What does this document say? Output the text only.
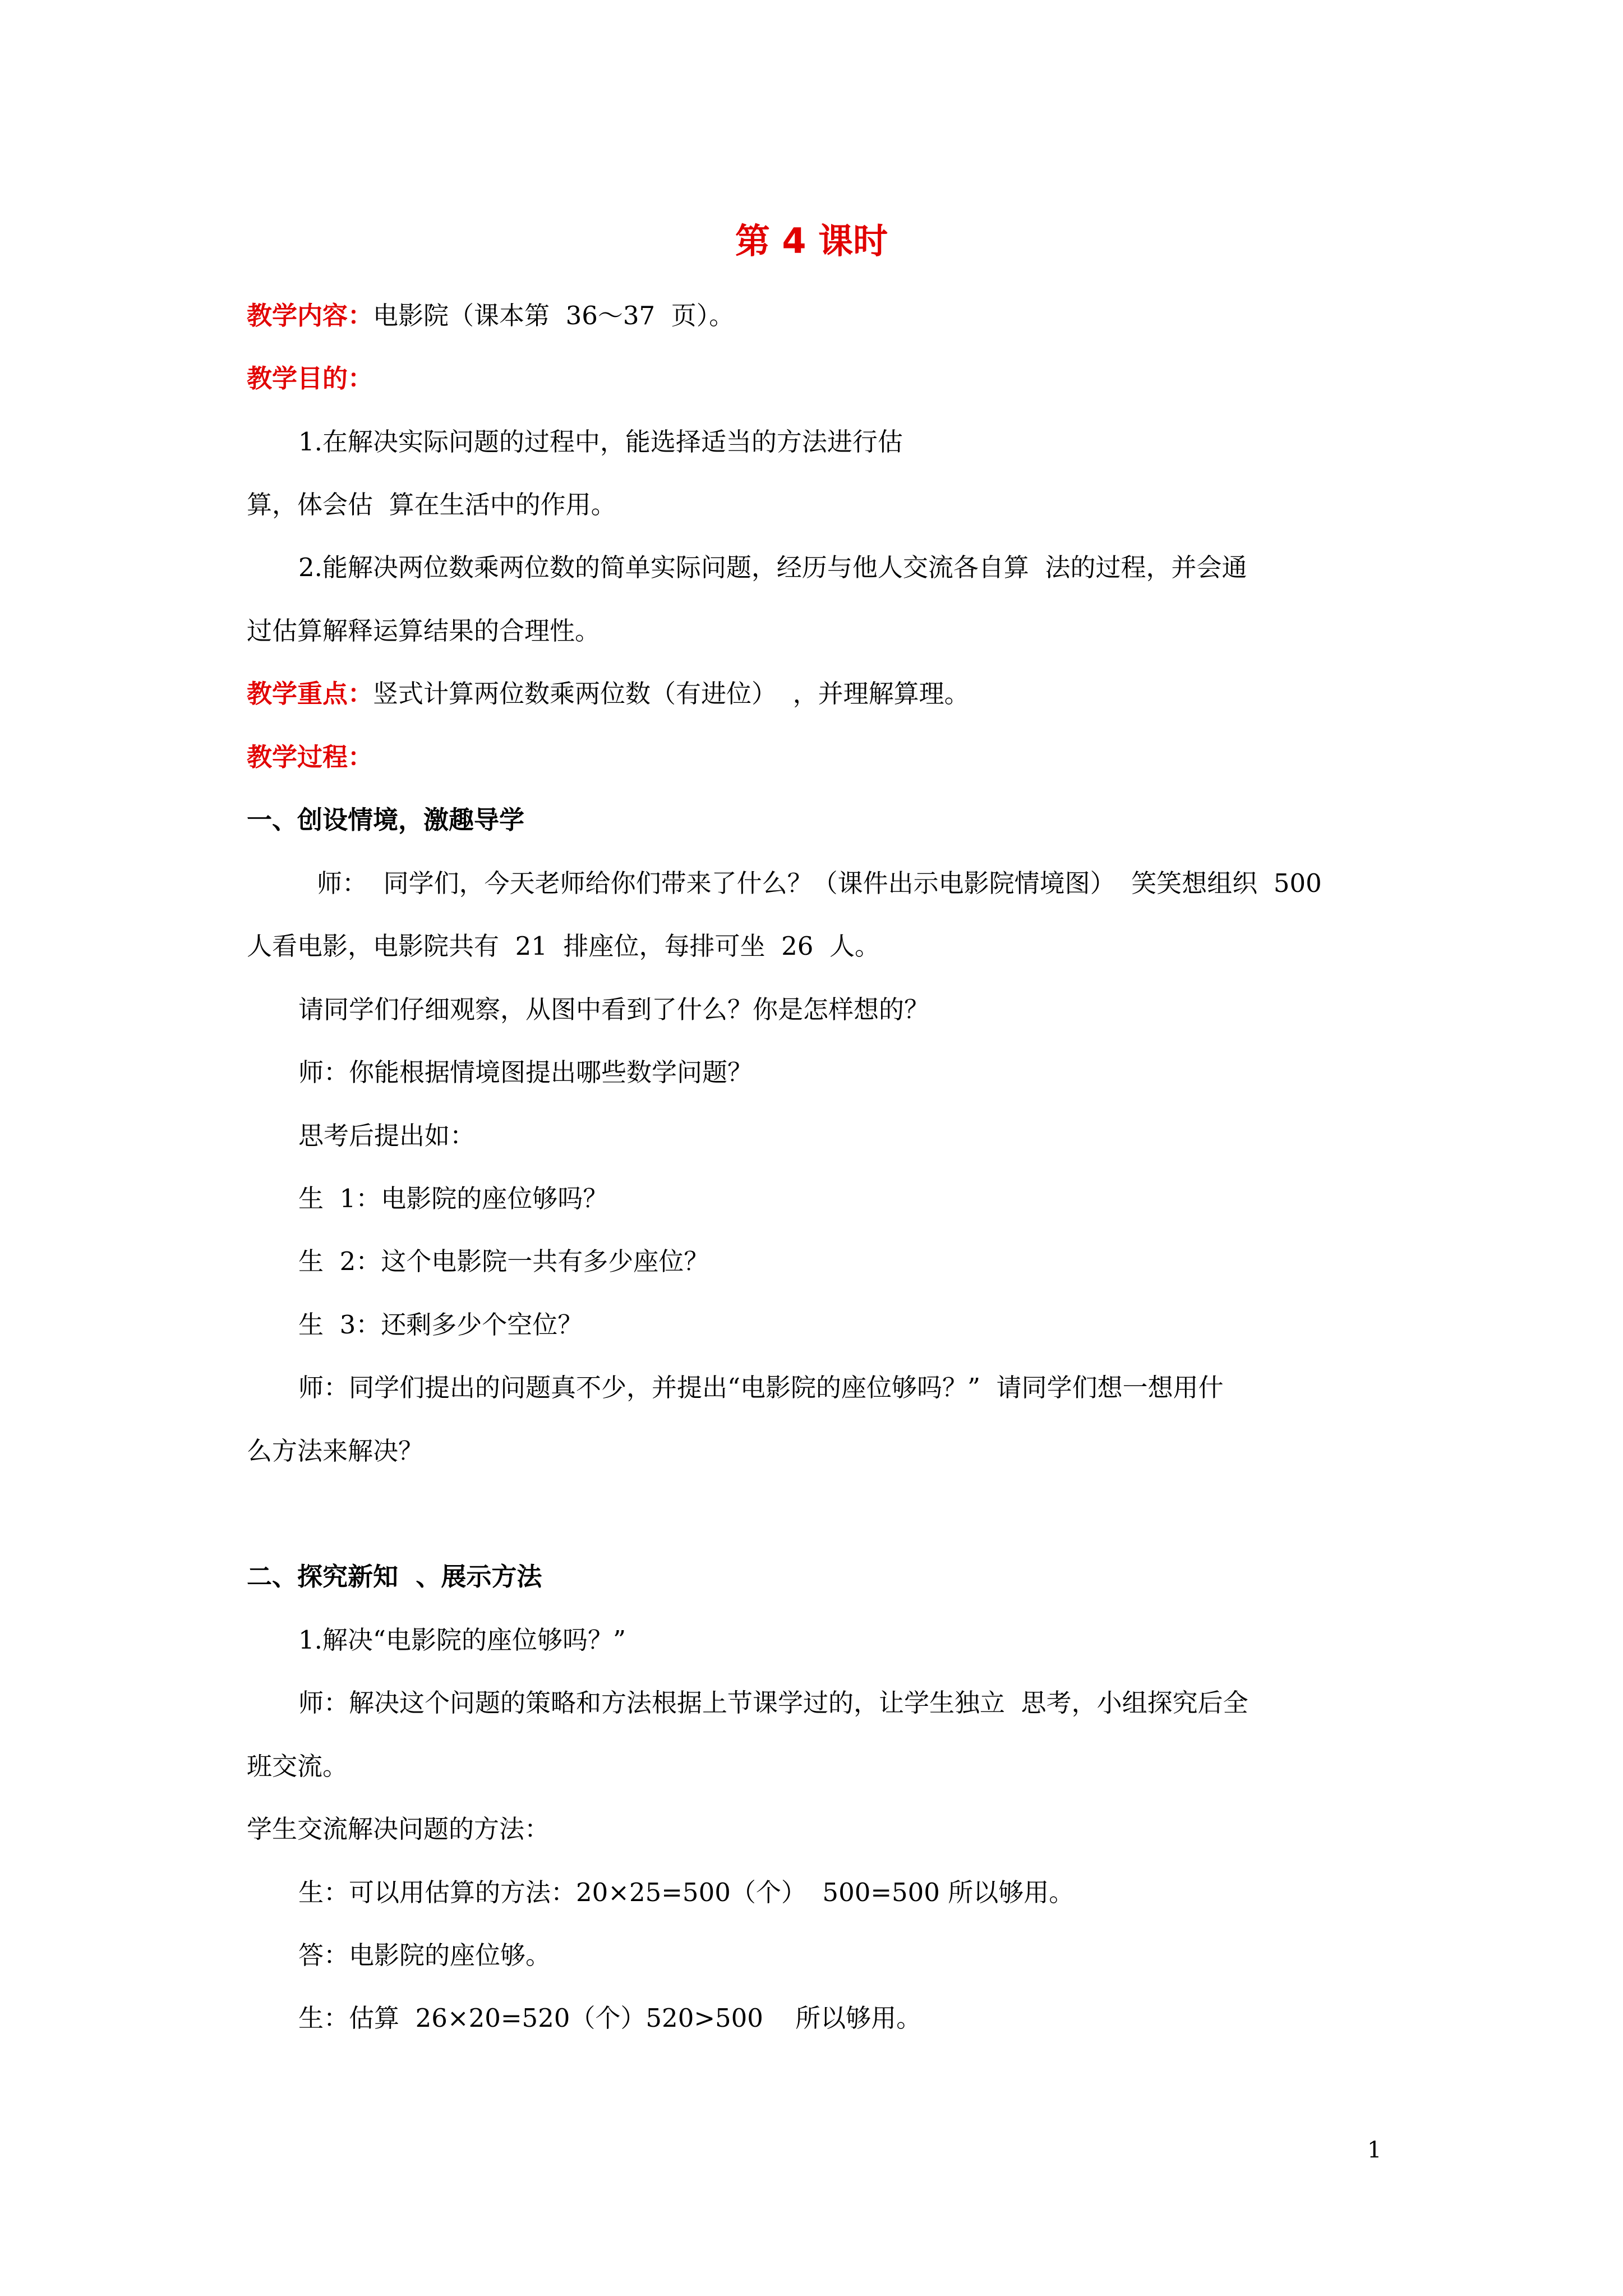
第 4 课时
教学内容：电影院（课本第  36～37  页）。
教学目的：
1.在解决实际问题的过程中，能选择适当的方法进行估
算，体会估  算在生活中的作用。
2.能解决两位数乘两位数的简单实际问题，经历与他人交流各自算  法的过程，并会通
过估算解释运算结果的合理性。
教学重点：竖式计算两位数乘两位数（有进位）  ，并理解算理。
教学过程：
一、创设情境，激趣导学
师：  同学们，今天老师给你们带来了什么？（课件出示电影院情境图）  笑笑想组织  500
人看电影，电影院共有  21  排座位，每排可坐  26  人。
请同学们仔细观察，从图中看到了什么？你是怎样想的？
师：你能根据情境图提出哪些数学问题？
思考后提出如：
生  1：电影院的座位够吗？
生  2：这个电影院一共有多少座位？
生  3：还剩多少个空位？
师：同学们提出的问题真不少，并提出“电影院的座位够吗？”  请同学们想一想用什
么方法来解决？
二、探究新知  、展示方法
1.解决“电影院的座位够吗？”
师：解决这个问题的策略和方法根据上节课学过的，让学生独立  思考，小组探究后全
班交流。
学生交流解决问题的方法：
生：可以用估算的方法：20×25=500（个）  500=500 所以够用。
答：电影院的座位够。
生：估算  26×20=520（个）520>500    所以够用。
1
